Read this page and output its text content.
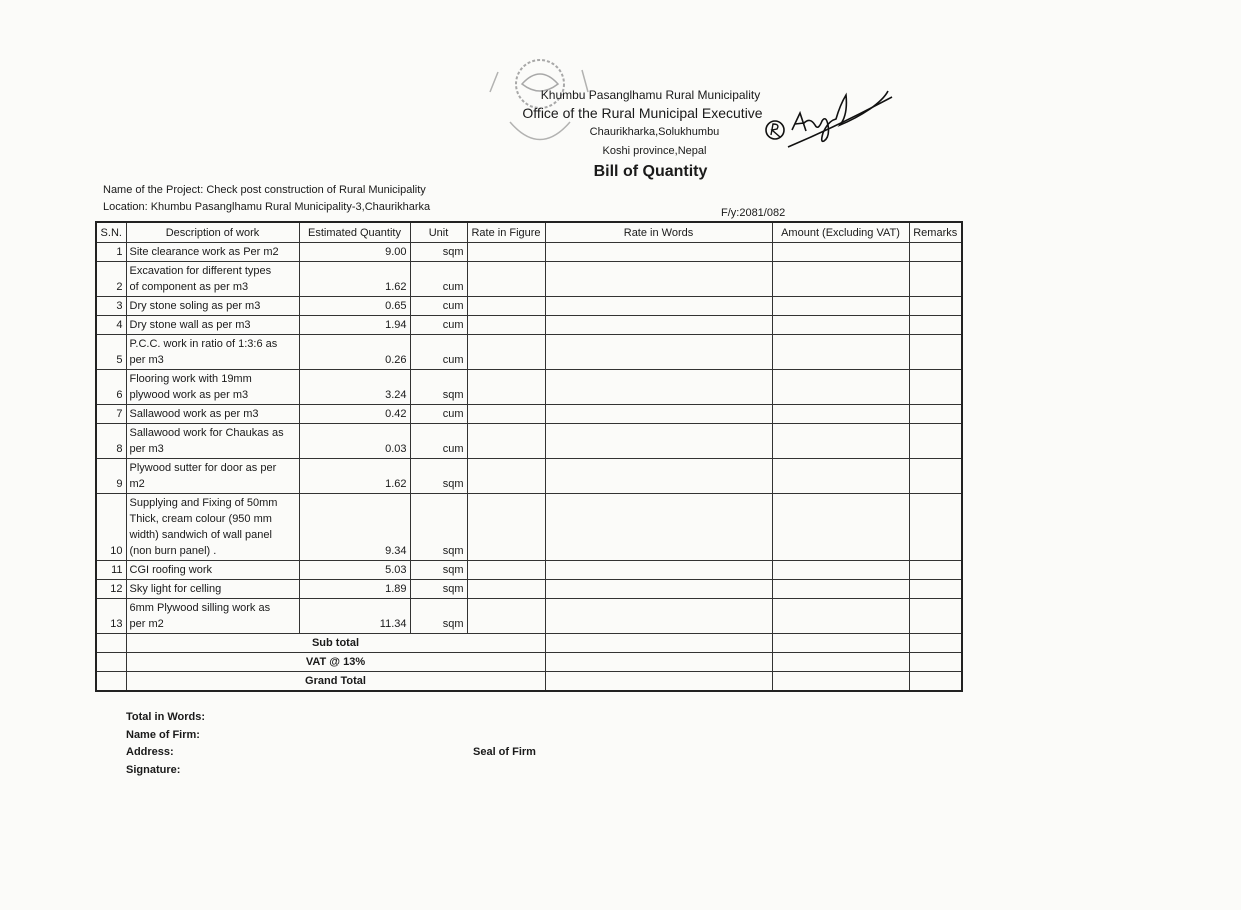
Khumbu Pasanglhamu Rural Municipality
Office of the Rural Municipal Executive
Chaurikharka,Solukhumbu
Koshi province,Nepal
Bill of Quantity
Name of the Project: Check post construction of Rural Municipality
Location: Khumbu Pasanglhamu Rural Municipality-3,Chaurikharka	F/y:2081/082
S.N.	Description of work	Estimated Quantity	Unit	Rate in Figure	Rate in Words	Amount (Excluding VAT)	Remarks
1	Site clearance work as Per m2	9.00	sqm				
2	Excavation for different types
of component as per m3	1.62	cum				
3	Dry stone soling as per m3	0.65	cum				
4	Dry stone wall as per m3	1.94	cum				
5	P.C.C. work in ratio of 1:3:6 as
per m3	0.26	cum				
6	Flooring work with 19mm
plywood work as per m3	3.24	sqm				
7	Sallawood work as per m3	0.42	cum				
8	Sallawood work for Chaukas as
per m3	0.03	cum				
9	Plywood sutter for door as per
m2	1.62	sqm				
10	Supplying and Fixing of 50mm
Thick, cream colour (950 mm
width) sandwich of wall panel
(non burn panel) .	9.34	sqm				
11	CGI roofing work	5.03	sqm				
12	Sky light for celling	1.89	sqm				
13	6mm Plywood silling work as
per m2	11.34	sqm				
	Sub total						
	VAT @ 13%						
	Grand Total						
Total in Words:
Name of Firm:
Address:
Signature:
Seal of Firm
